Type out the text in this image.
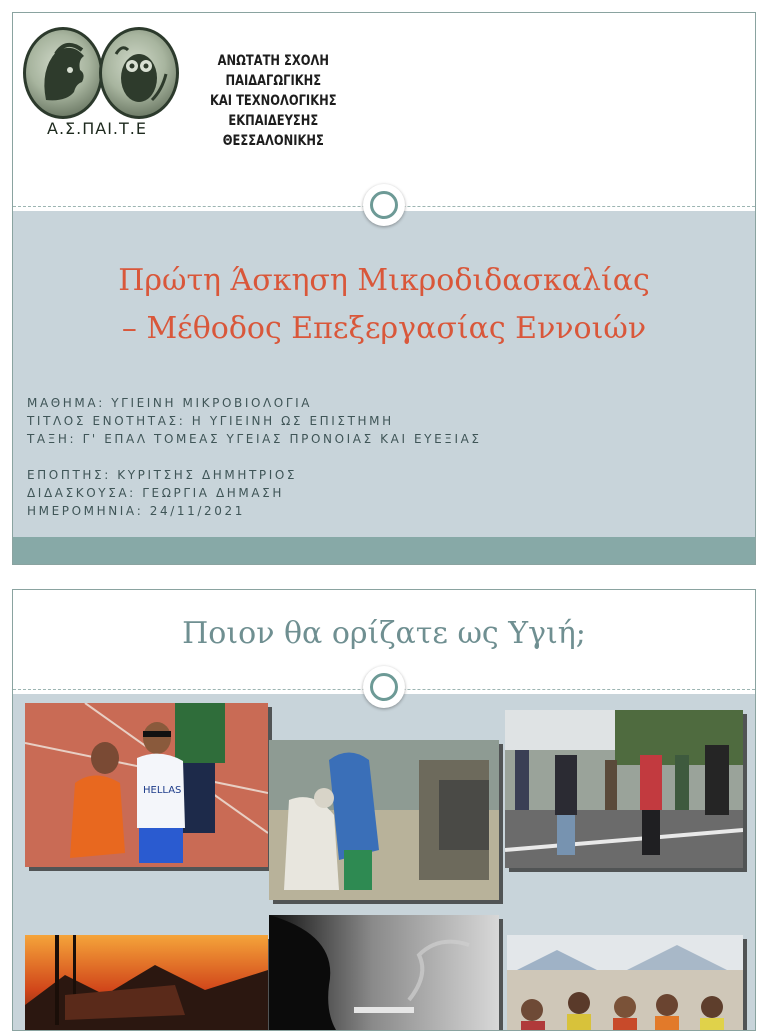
Α.Σ.ΠΑΙ.Τ.Ε
ΑΝΩΤΑΤΗ ΣΧΟΛΗ ΠΑΙΔΑΓΩΓΙΚΗΣ
ΚΑΙ ΤΕΧΝΟΛΟΓΙΚΗΣ ΕΚΠΑΙΔΕΥΣΗΣ
ΘΕΣΣΑΛΟΝΙΚΗΣ
Πρώτη Άσκηση Μικροδιδασκαλίας
– Μέθοδος Επεξεργασίας Εννοιών
ΜΑΘΗΜΑ: ΥΓΙΕΙΝΗ ΜΙΚΡΟΒΙΟΛΟΓΙΑ
ΤΙΤΛΟΣ ΕΝΟΤΗΤΑΣ: Η ΥΓΙΕΙΝΗ ΩΣ ΕΠΙΣΤΗΜΗ
ΤΑΞΗ: Γ' ΕΠΑΛ ΤΟΜΕΑΣ ΥΓΕΙΑΣ ΠΡΟΝΟΙΑΣ ΚΑΙ ΕΥΕΞΙΑΣ
ΕΠΟΠΤΗΣ: ΚΥΡΙΤΣΗΣ ΔΗΜΗΤΡΙΟΣ
ΔΙΔΑΣΚΟΥΣΑ: ΓΕΩΡΓΙΑ ΔΗΜΑΣΗ
ΗΜΕΡΟΜΗΝΙΑ: 24/11/2021
Ποιον θα ορίζατε ως Υγιή;
HELLAS
